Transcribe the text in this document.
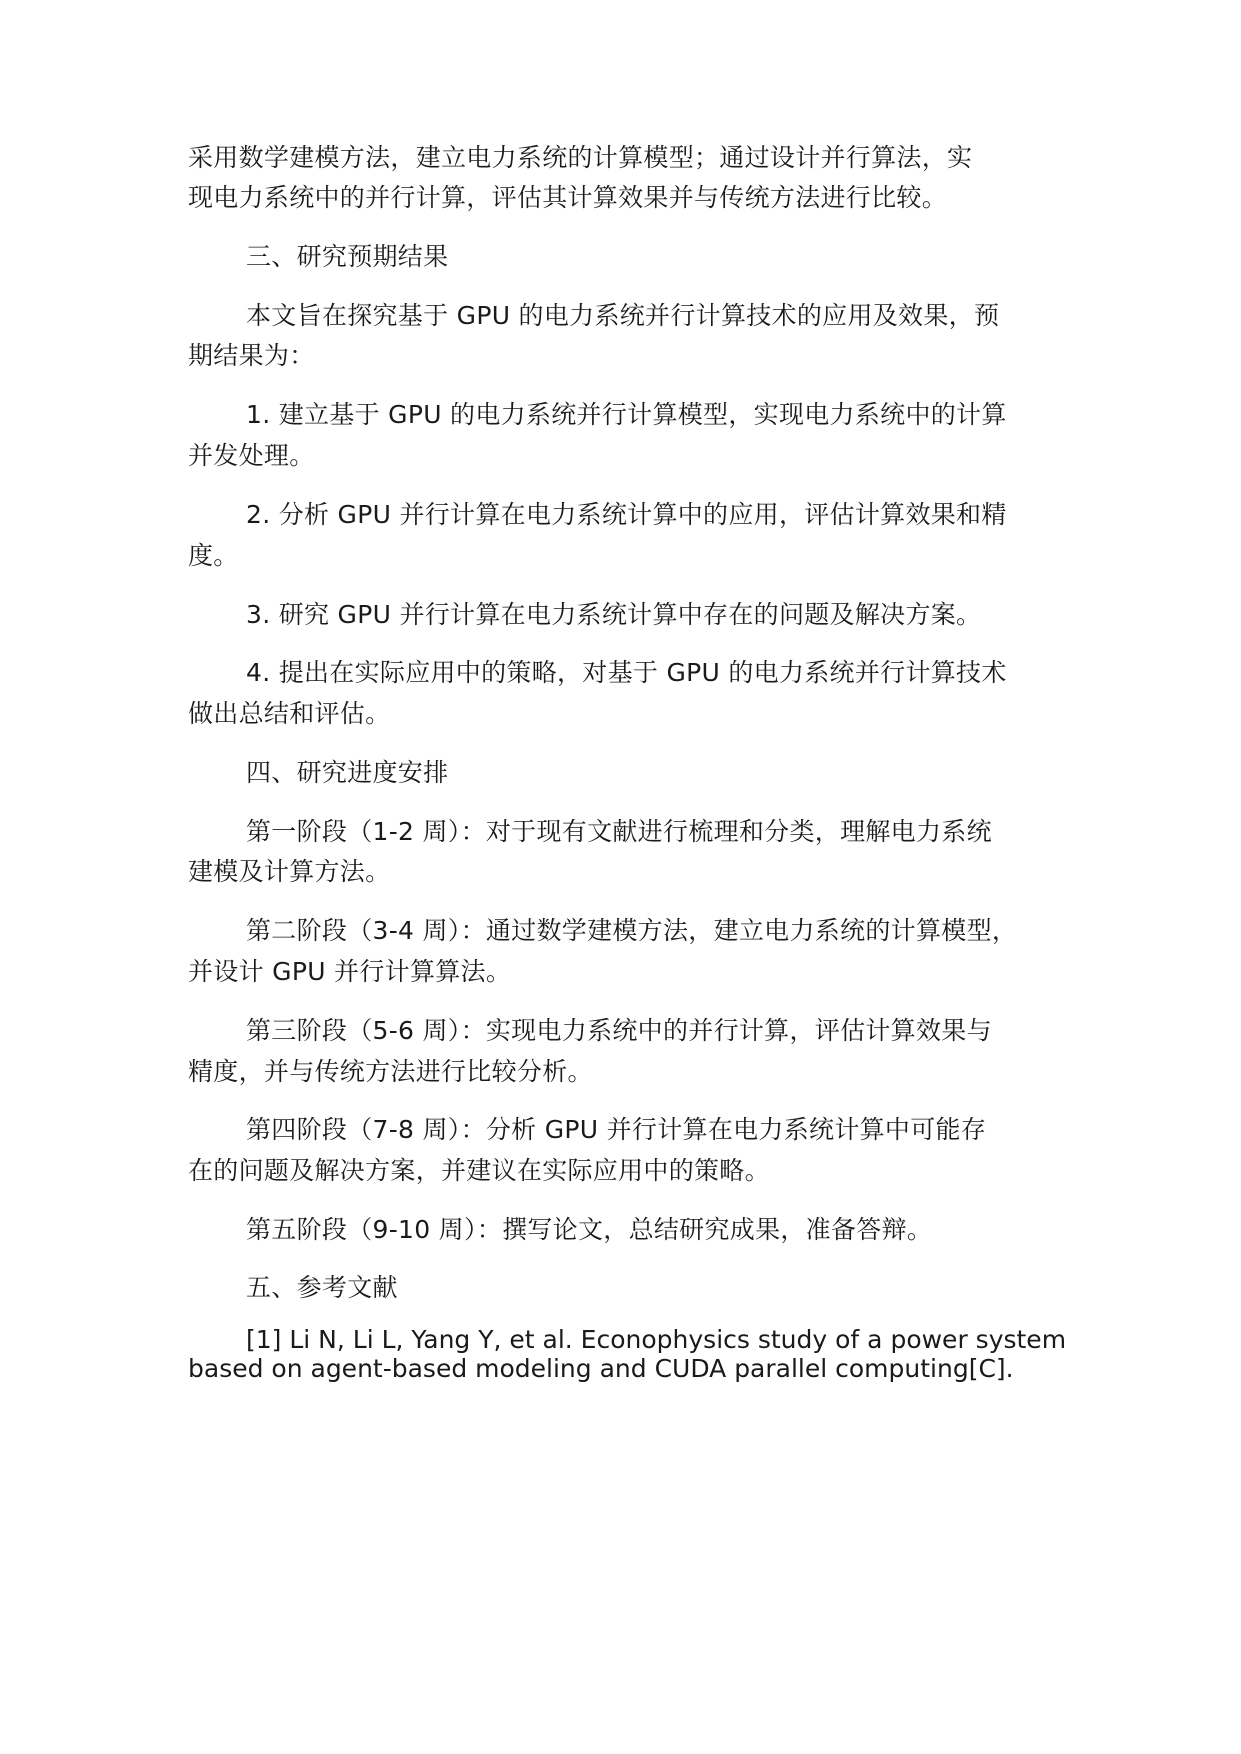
采用数学建模方法，建立电力系统的计算模型；通过设计并行算法，实
现电力系统中的并行计算，评估其计算效果并与传统方法进行比较。
三、研究预期结果
本文旨在探究基于 GPU 的电力系统并行计算技术的应用及效果，预
期结果为：
1. 建立基于 GPU 的电力系统并行计算模型，实现电力系统中的计算
并发处理。
2. 分析 GPU 并行计算在电力系统计算中的应用，评估计算效果和精
度。
3. 研究 GPU 并行计算在电力系统计算中存在的问题及解决方案。
4. 提出在实际应用中的策略，对基于 GPU 的电力系统并行计算技术
做出总结和评估。
四、研究进度安排
第一阶段（1-2 周）：对于现有文献进行梳理和分类，理解电力系统
建模及计算方法。
第二阶段（3-4 周）：通过数学建模方法，建立电力系统的计算模型，
并设计 GPU 并行计算算法。
第三阶段（5-6 周）：实现电力系统中的并行计算，评估计算效果与
精度，并与传统方法进行比较分析。
第四阶段（7-8 周）：分析 GPU 并行计算在电力系统计算中可能存
在的问题及解决方案，并建议在实际应用中的策略。
第五阶段（9-10 周）：撰写论文，总结研究成果，准备答辩。
五、参考文献
[1] Li N, Li L, Yang Y, et al. Econophysics study of a power system
based on agent-based modeling and CUDA parallel computing[C].
